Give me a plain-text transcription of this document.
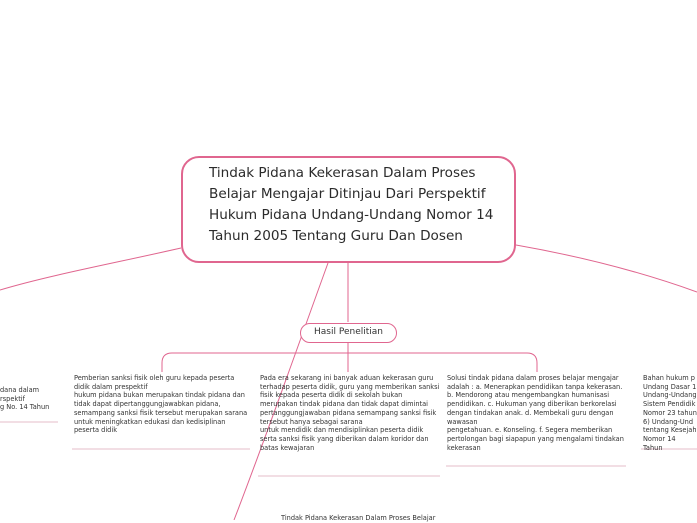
Tindak Pidana Kekerasan Dalam Proses Belajar Mengajar Ditinjau Dari Perspektif Hukum Pidana Undang-Undang Nomor 14 Tahun 2005 Tentang Guru Dan Dosen
Hasil Penelitian
dana dalam
rspektif
g No. 14 Tahun
Pemberian sanksi fisik oleh guru kepada peserta didik dalam prespektif
hukum pidana bukan merupakan tindak pidana dan tidak dapat dipertanggungjawabkan pidana, semampang sanksi fisik tersebut merupakan sarana untuk meningkatkan edukasi dan kedisiplinan
peserta didik
Pada era sekarang ini banyak aduan kekerasan guru terhadap peserta didik, guru yang memberikan sanksi fisik kepada peserta didik di sekolah bukan merupakan tindak pidana dan tidak dapat dimintai pertanggungjawaban pidana semampang sanksi fisik tersebut hanya sebagai sarana
untuk mendidik dan mendisiplinkan peserta didik serta sanksi fisik yang diberikan dalam koridor dan
batas kewajaran
Solusi tindak pidana dalam proses belajar mengajar adalah : a. Menerapkan pendidikan tanpa kekerasan. b. Mendorong atau mengembangkan humanisasi pendidikan. c. Hukuman yang diberikan berkorelasi dengan tindakan anak. d. Membekali guru dengan wawasan
pengetahuan. e. Konseling. f. Segera memberikan pertolongan bagi siapapun yang mengalami tindakan kekerasan
Bahan hukum p
Undang Dasar 1
Undang-Undang
Sistem Pendidik
Nomor 23 tahun
6) Undang-Und
tentang Kesejah
Nomor 14 Tahun
Tindak Pidana Kekerasan Dalam Proses Belajar
